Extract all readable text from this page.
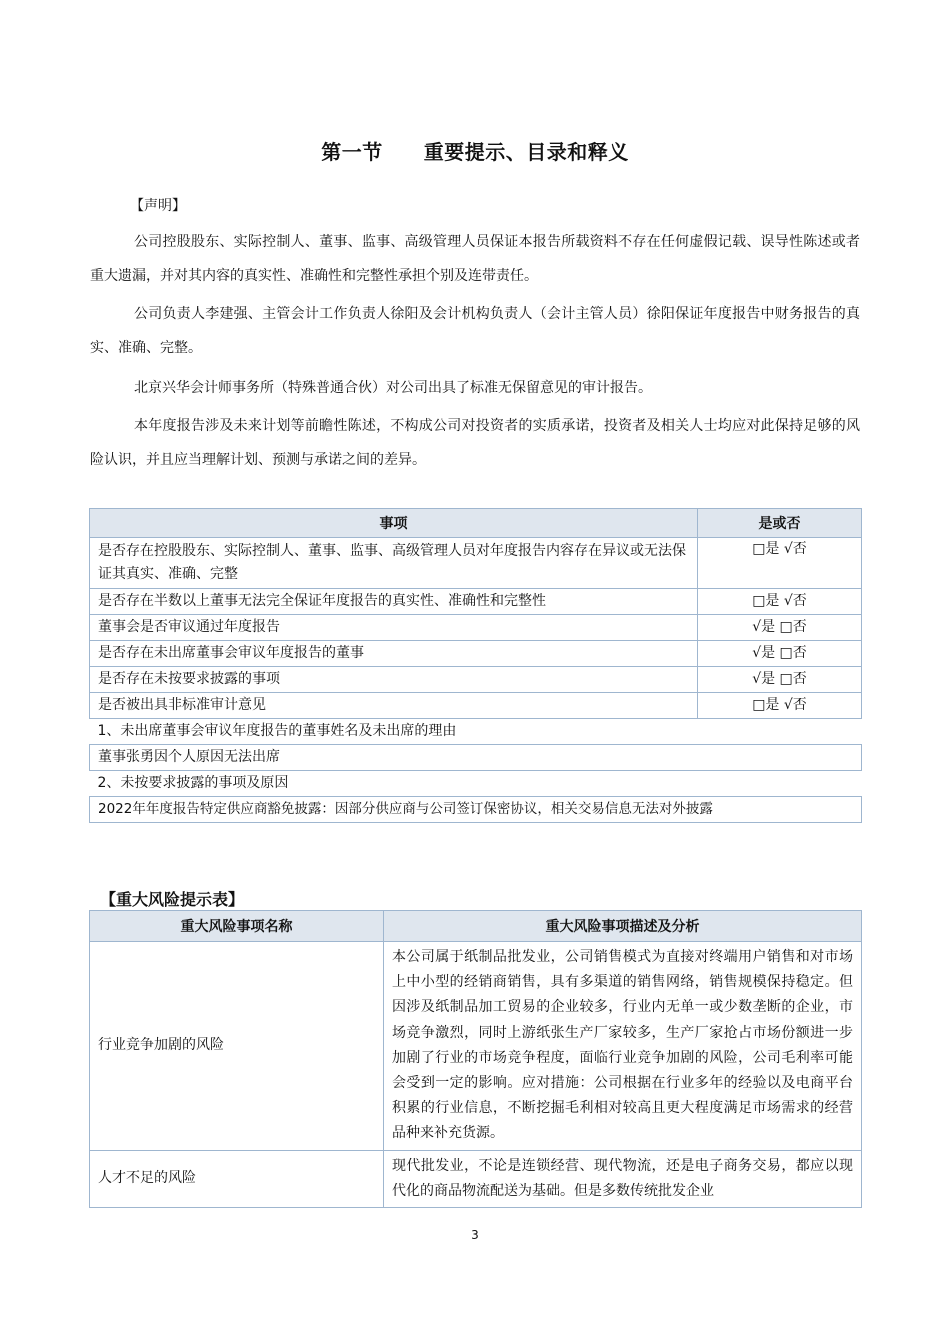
第一节　　重要提示、目录和释义
【声明】

公司控股股东、实际控制人、董事、监事、高级管理人员保证本报告所载资料不存在任何虚假记载、误导性陈述或者重大遗漏，并对其内容的真实性、准确性和完整性承担个别及连带责任。

公司负责人李建强、主管会计工作负责人徐阳及会计机构负责人（会计主管人员）徐阳保证年度报告中财务报告的真实、准确、完整。

北京兴华会计师事务所（特殊普通合伙）对公司出具了标准无保留意见的审计报告。

本年度报告涉及未来计划等前瞻性陈述，不构成公司对投资者的实质承诺，投资者及相关人士均应对此保持足够的风险认识，并且应当理解计划、预测与承诺之间的差异。

事项	是或否
是否存在控股股东、实际控制人、董事、监事、高级管理人员对年度报告内容存在异议或无法保证其真实、准确、完整	□是 √否
是否存在半数以上董事无法完全保证年度报告的真实性、准确性和完整性	□是 √否
董事会是否审议通过年度报告	√是 □否
是否存在未出席董事会审议年度报告的董事	√是 □否
是否存在未按要求披露的事项	√是 □否
是否被出具非标准审计意见	□是 √否
1、未出席董事会审议年度报告的董事姓名及未出席的理由	
董事张勇因个人原因无法出席	
2、未按要求披露的事项及原因	
2022年年度报告特定供应商豁免披露：因部分供应商与公司签订保密协议，相关交易信息无法对外披露	
【重大风险提示表】
重大风险事项名称	重大风险事项描述及分析
行业竞争加剧的风险	本公司属于纸制品批发业，公司销售模式为直接对终端用户销售和对市场上中小型的经销商销售，具有多渠道的销售网络，销售规模保持稳定。但因涉及纸制品加工贸易的企业较多，行业内无单一或少数垄断的企业，市场竞争激烈，同时上游纸张生产厂家较多，生产厂家抢占市场份额进一步加剧了行业的市场竞争程度，面临行业竞争加剧的风险，公司毛利率可能会受到一定的影响。应对措施：公司根据在行业多年的经验以及电商平台积累的行业信息，不断挖掘毛利相对较高且更大程度满足市场需求的经营品种来补充货源。
人才不足的风险	现代批发业，不论是连锁经营、现代物流，还是电子商务交易，都应以现代化的商品物流配送为基础。但是多数传统批发企业
3
